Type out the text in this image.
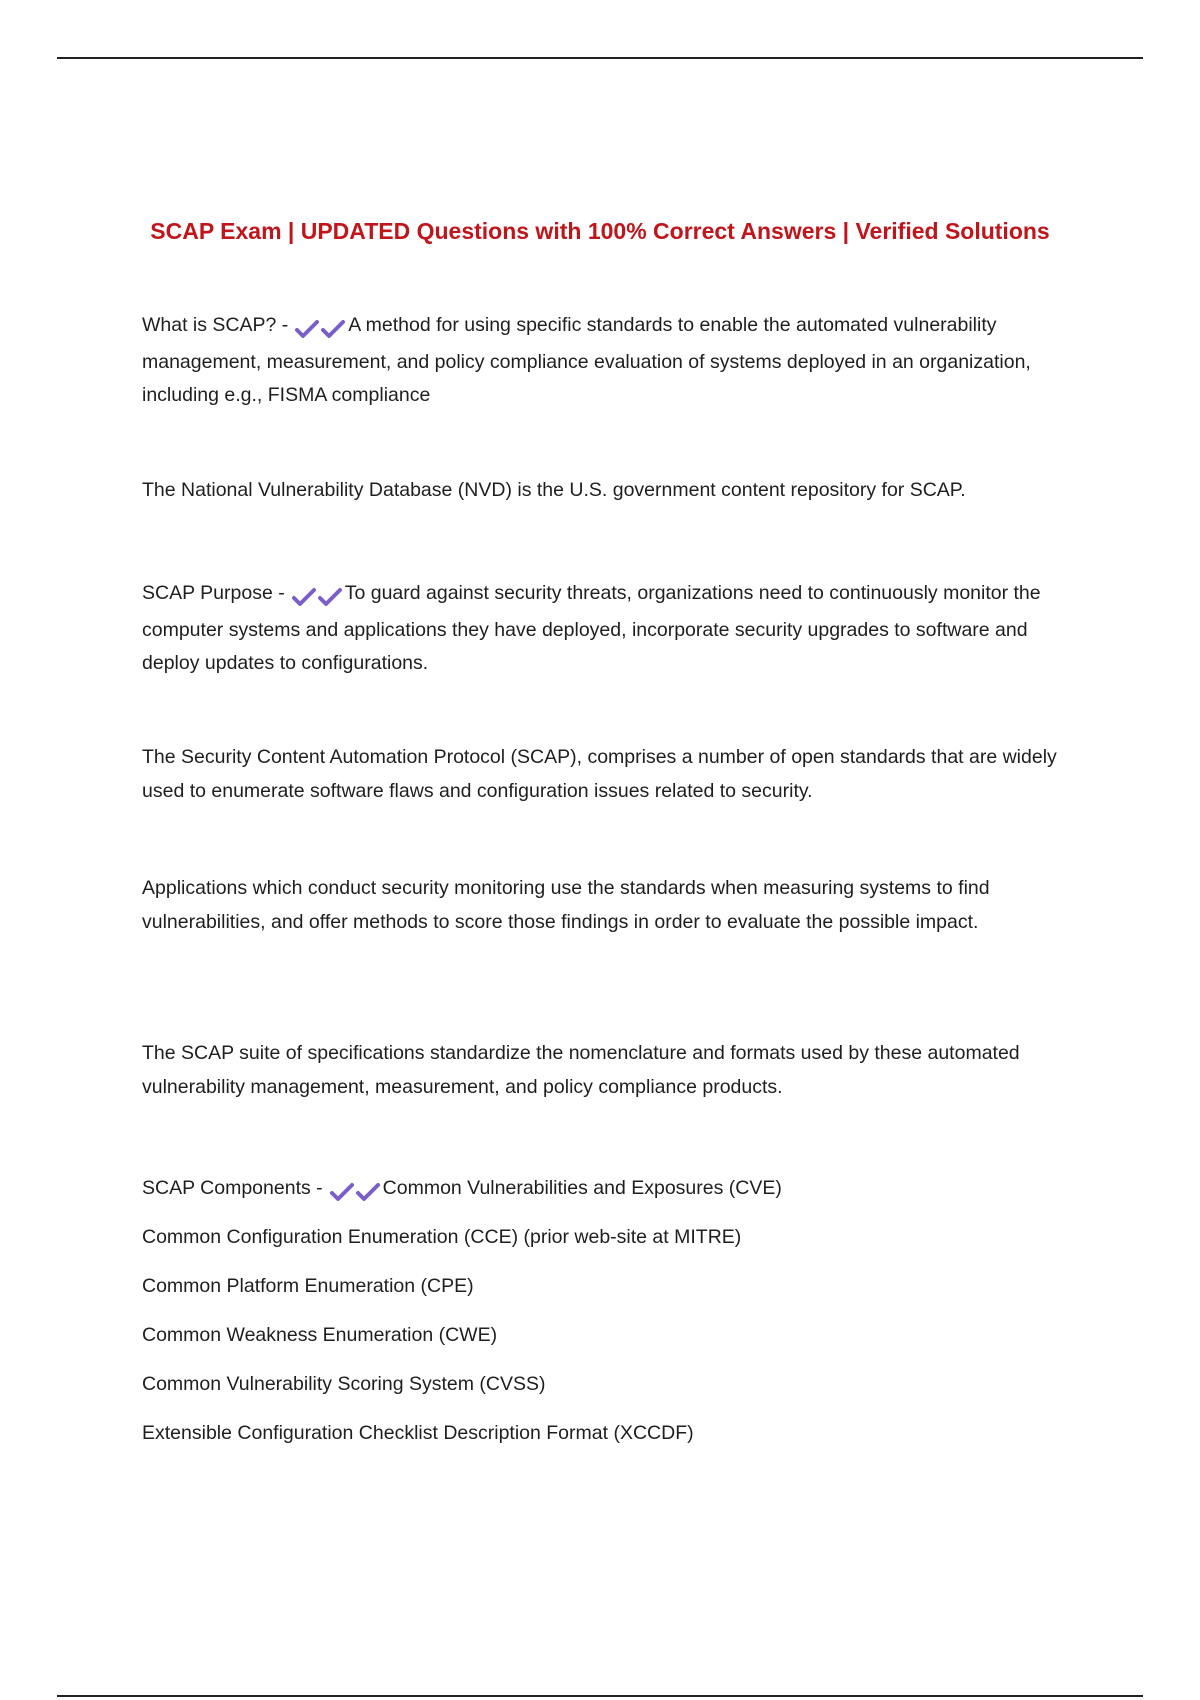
SCAP Exam | UPDATED Questions with 100% Correct Answers | Verified Solutions

What is SCAP? -	A method for using specific standards to enable the automated vulnerability management, measurement, and policy compliance evaluation of systems deployed in an organization, including e.g., FISMA compliance

The National Vulnerability Database (NVD) is the U.S. government content repository for SCAP.

SCAP Purpose -	To guard against security threats, organizations need to continuously monitor the computer systems and applications they have deployed, incorporate security upgrades to software and deploy updates to configurations.

The Security Content Automation Protocol (SCAP), comprises a number of open standards that are widely used to enumerate software flaws and configuration issues related to security.

Applications which conduct security monitoring use the standards when measuring systems to find vulnerabilities, and offer methods to score those findings in order to evaluate the possible impact.

The SCAP suite of specifications standardize the nomenclature and formats used by these automated vulnerability management, measurement, and policy compliance products.

SCAP Components -	Common Vulnerabilities and Exposures (CVE)

Common Configuration Enumeration (CCE) (prior web-site at MITRE)

Common Platform Enumeration (CPE)

Common Weakness Enumeration (CWE)

Common Vulnerability Scoring System (CVSS)

Extensible Configuration Checklist Description Format (XCCDF)
